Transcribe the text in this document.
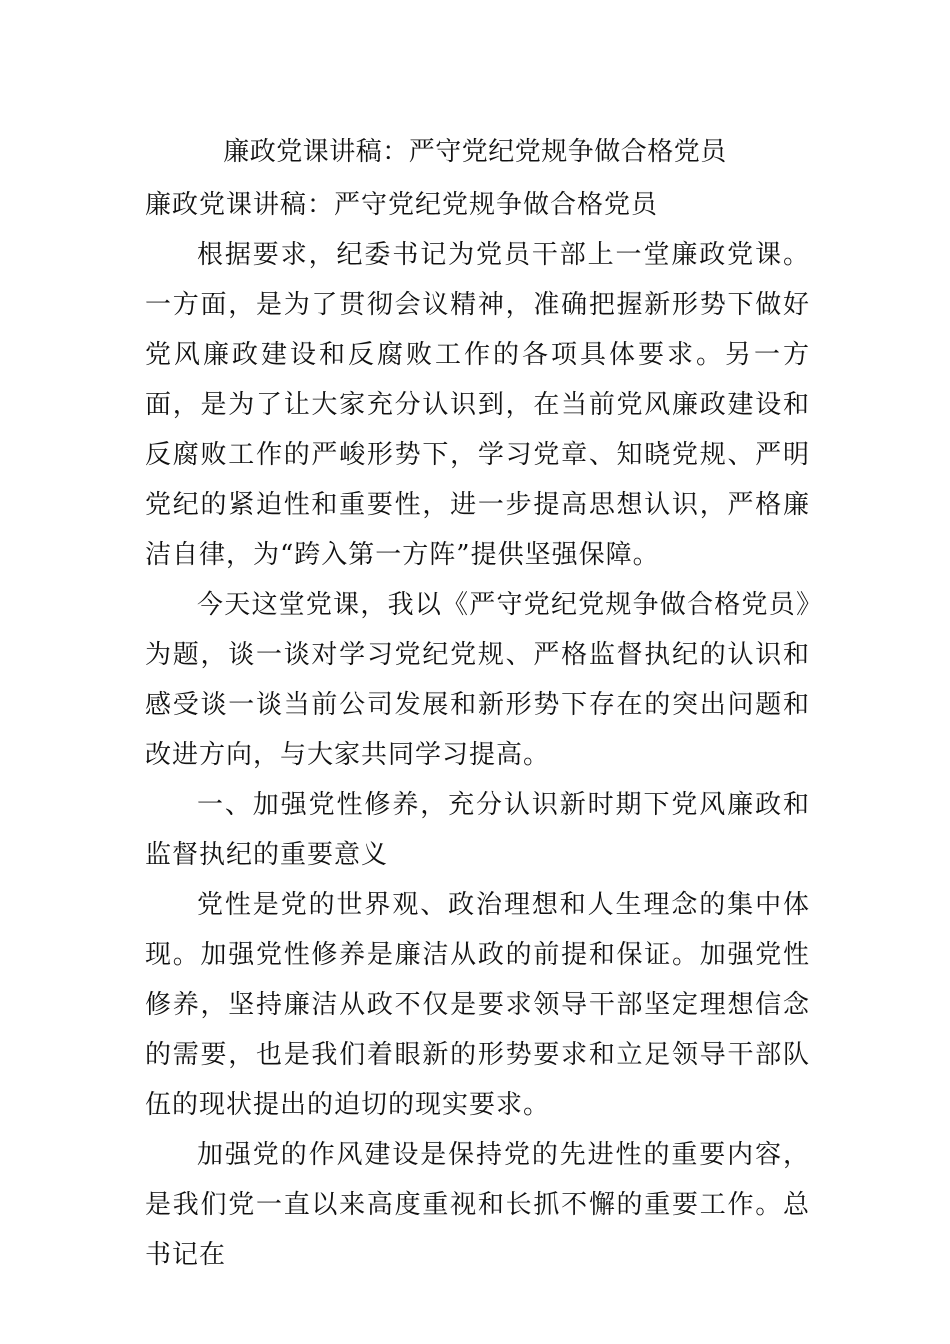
廉政党课讲稿：严守党纪党规争做合格党员

廉政党课讲稿：严守党纪党规争做合格党员

根据要求，纪委书记为党员干部上一堂廉政党课。一方面，是为了贯彻会议精神，准确把握新形势下做好党风廉政建设和反腐败工作的各项具体要求。另一方面，是为了让大家充分认识到，在当前党风廉政建设和反腐败工作的严峻形势下，学习党章、知晓党规、严明党纪的紧迫性和重要性，进一步提高思想认识，严格廉洁自律，为“跨入第一方阵”提供坚强保障。

今天这堂党课，我以《严守党纪党规争做合格党员》为题，谈一谈对学习党纪党规、严格监督执纪的认识和感受谈一谈当前公司发展和新形势下存在的突出问题和改进方向，与大家共同学习提高。

一、加强党性修养，充分认识新时期下党风廉政和监督执纪的重要意义

党性是党的世界观、政治理想和人生理念的集中体现。加强党性修养是廉洁从政的前提和保证。加强党性修养，坚持廉洁从政不仅是要求领导干部坚定理想信念的需要，也是我们着眼新的形势要求和立足领导干部队伍的现状提出的迫切的现实要求。

加强党的作风建设是保持党的先进性的重要内容，是我们党一直以来高度重视和长抓不懈的重要工作。总书记在
